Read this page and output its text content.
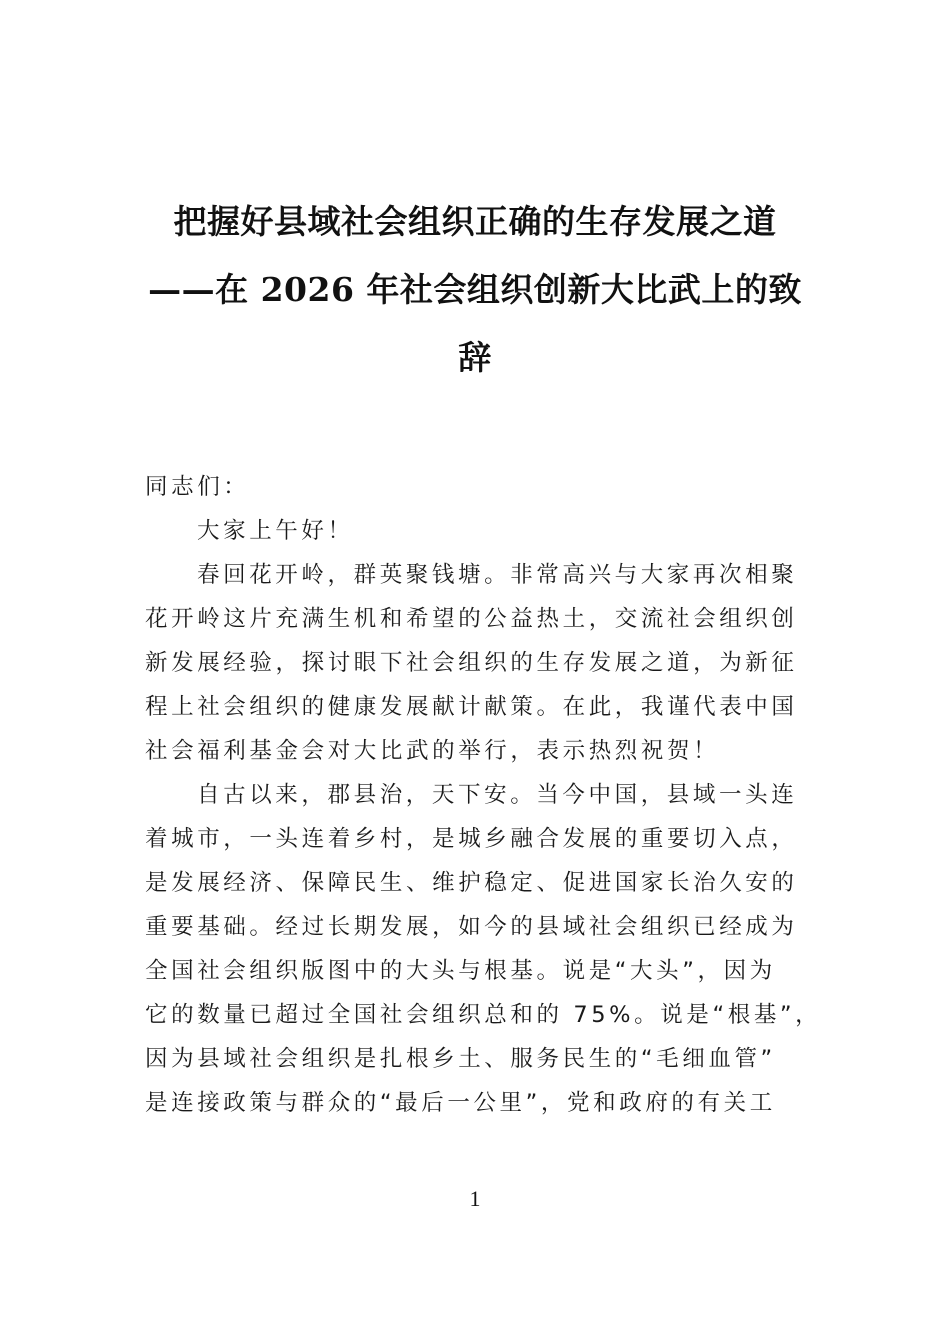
把握好县域社会组织正确的生存发展之道
——在 2026 年社会组织创新大比武上的致
辞
同志们：
大家上午好！
春回花开岭，群英聚钱塘。非常高兴与大家再次相聚
花开岭这片充满生机和希望的公益热土，交流社会组织创
新发展经验，探讨眼下社会组织的生存发展之道，为新征
程上社会组织的健康发展献计献策。在此，我谨代表中国
社会福利基金会对大比武的举行，表示热烈祝贺！
自古以来，郡县治，天下安。当今中国，县域一头连
着城市，一头连着乡村，是城乡融合发展的重要切入点，
是发展经济、保障民生、维护稳定、促进国家长治久安的
重要基础。经过长期发展，如今的县域社会组织已经成为
全国社会组织版图中的大头与根基。说是“大头”，因为
它的数量已超过全国社会组织总和的 75%。说是“根基”，
因为县域社会组织是扎根乡土、服务民生的“毛细血管”
是连接政策与群众的“最后一公里”，党和政府的有关工
1
